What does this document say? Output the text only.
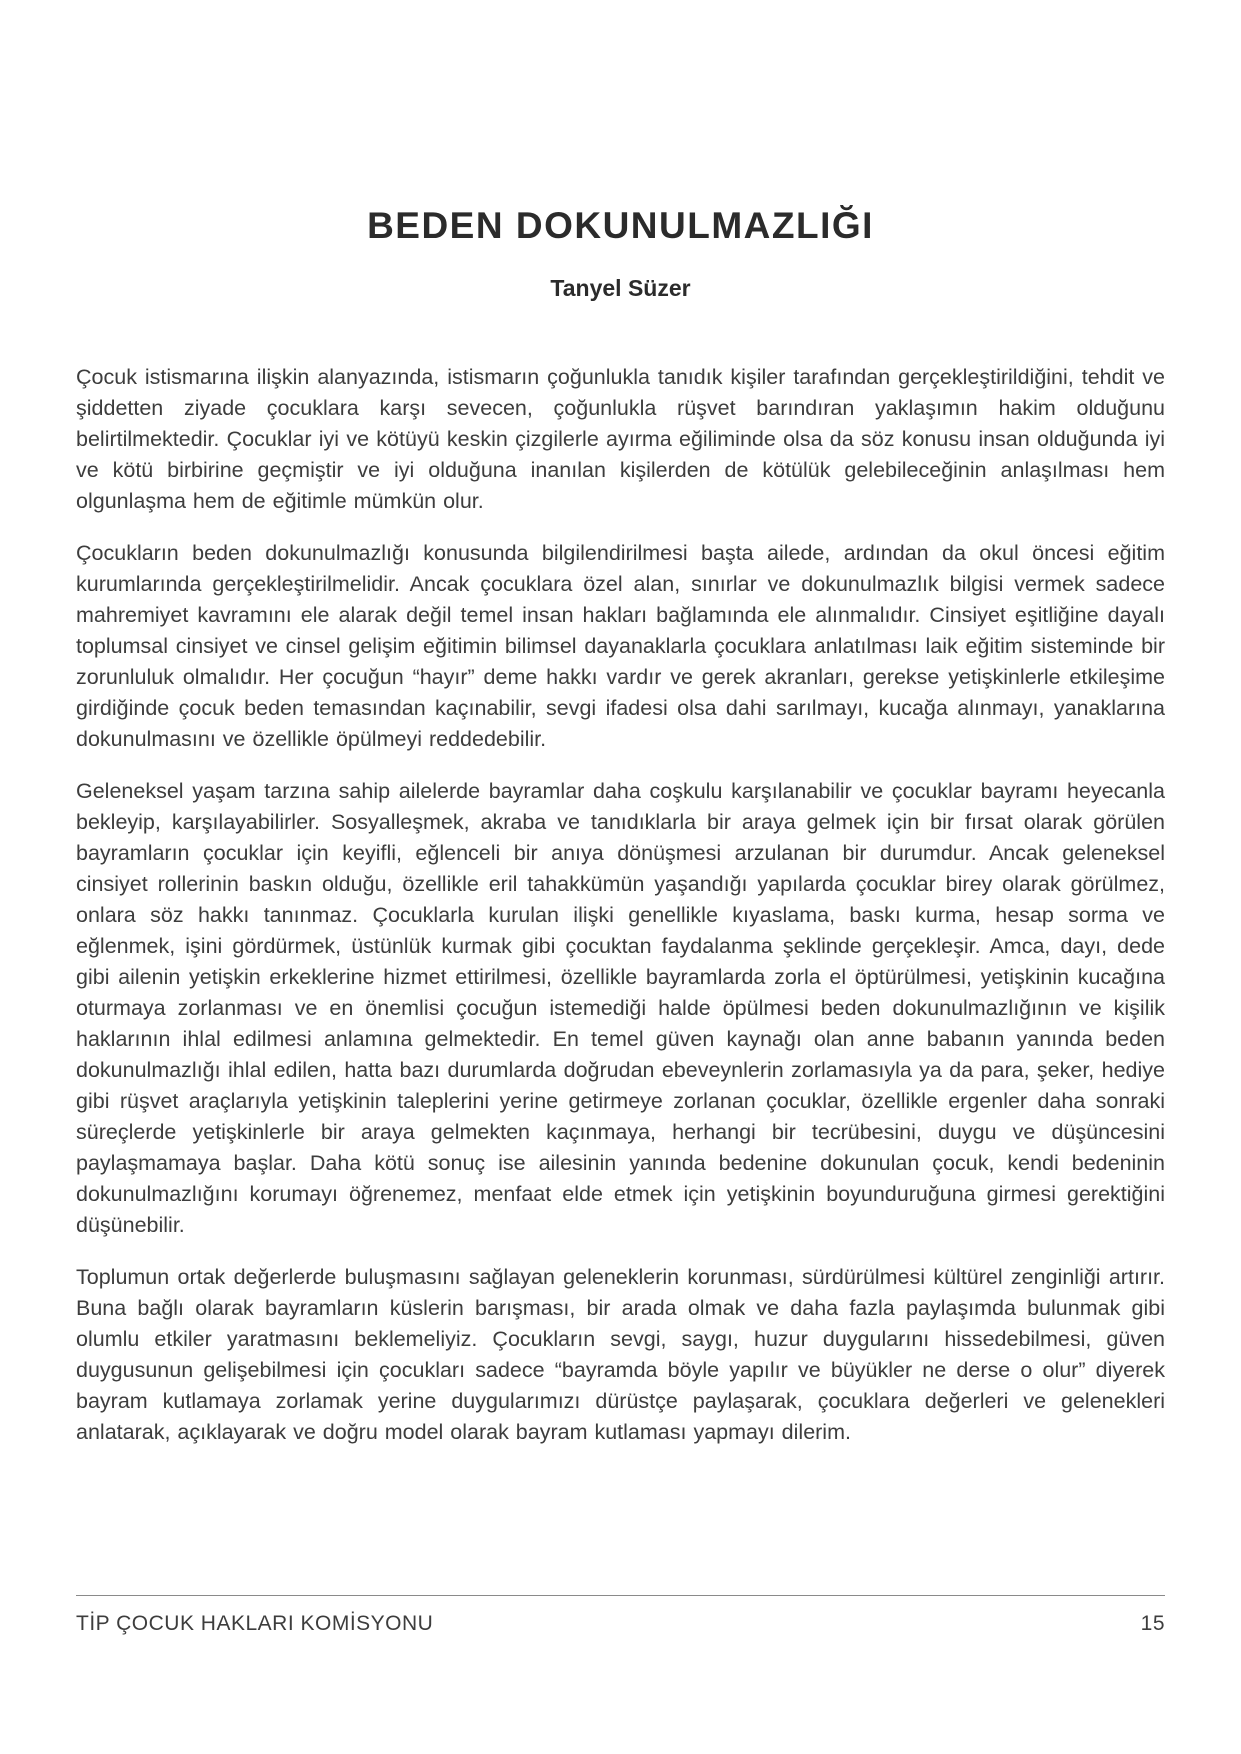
BEDEN DOKUNULMAZLIĞI
Tanyel Süzer

Çocuk istismarına ilişkin alanyazında, istismarın çoğunlukla tanıdık kişiler tarafından gerçekleştirildiğini, tehdit ve şiddetten ziyade çocuklara karşı sevecen, çoğunlukla rüşvet barındıran yaklaşımın hakim olduğunu belirtilmektedir. Çocuklar iyi ve kötüyü keskin çizgilerle ayırma eğiliminde olsa da söz konusu insan olduğunda iyi ve kötü birbirine geçmiştir ve iyi olduğuna inanılan kişilerden de kötülük gelebileceğinin anlaşılması hem olgunlaşma hem de eğitimle mümkün olur.

Çocukların beden dokunulmazlığı konusunda bilgilendirilmesi başta ailede, ardından da okul öncesi eğitim kurumlarında gerçekleştirilmelidir. Ancak çocuklara özel alan, sınırlar ve dokunulmazlık bilgisi vermek sadece mahremiyet kavramını ele alarak değil temel insan hakları bağlamında ele alınmalıdır. Cinsiyet eşitliğine dayalı toplumsal cinsiyet ve cinsel gelişim eğitimin bilimsel dayanaklarla çocuklara anlatılması laik eğitim sisteminde bir zorunluluk olmalıdır. Her çocuğun “hayır” deme hakkı vardır ve gerek akranları, gerekse yetişkinlerle etkileşime girdiğinde çocuk beden temasından kaçınabilir, sevgi ifadesi olsa dahi sarılmayı, kucağa alınmayı, yanaklarına dokunulmasını ve özellikle öpülmeyi reddedebilir.

Geleneksel yaşam tarzına sahip ailelerde bayramlar daha coşkulu karşılanabilir ve çocuklar bayramı heyecanla bekleyip, karşılayabilirler. Sosyalleşmek, akraba ve tanıdıklarla bir araya gelmek için bir fırsat olarak görülen bayramların çocuklar için keyifli, eğlenceli bir anıya dönüşmesi arzulanan bir durumdur. Ancak geleneksel cinsiyet rollerinin baskın olduğu, özellikle eril tahakkümün yaşandığı yapılarda çocuklar birey olarak görülmez, onlara söz hakkı tanınmaz. Çocuklarla kurulan ilişki genellikle kıyaslama, baskı kurma, hesap sorma ve eğlenmek, işini gördürmek, üstünlük kurmak gibi çocuktan faydalanma şeklinde gerçekleşir. Amca, dayı, dede gibi ailenin yetişkin erkeklerine hizmet ettirilmesi, özellikle bayramlarda zorla el öptürülmesi, yetişkinin kucağına oturmaya zorlanması ve en önemlisi çocuğun istemediği halde öpülmesi beden dokunulmazlığının ve kişilik haklarının ihlal edilmesi anlamına gelmektedir. En temel güven kaynağı olan anne babanın yanında beden dokunulmazlığı ihlal edilen, hatta bazı durumlarda doğrudan ebeveynlerin zorlamasıyla ya da para, şeker, hediye gibi rüşvet araçlarıyla yetişkinin taleplerini yerine getirmeye zorlanan çocuklar, özellikle ergenler daha sonraki süreçlerde yetişkinlerle bir araya gelmekten kaçınmaya, herhangi bir tecrübesini, duygu ve düşüncesini paylaşmamaya başlar. Daha kötü sonuç ise ailesinin yanında bedenine dokunulan çocuk, kendi bedeninin dokunulmazlığını korumayı öğrenemez, menfaat elde etmek için yetişkinin boyunduruğuna girmesi gerektiğini düşünebilir.

Toplumun ortak değerlerde buluşmasını sağlayan geleneklerin korunması, sürdürülmesi kültürel zenginliği artırır. Buna bağlı olarak bayramların küslerin barışması, bir arada olmak ve daha fazla paylaşımda bulunmak gibi olumlu etkiler yaratmasını beklemeliyiz. Çocukların sevgi, saygı, huzur duygularını hissedebilmesi, güven duygusunun gelişebilmesi için çocukları sadece “bayramda böyle yapılır ve büyükler ne derse o olur” diyerek bayram kutlamaya zorlamak yerine duygularımızı dürüstçe paylaşarak, çocuklara değerleri ve gelenekleri anlatarak, açıklayarak ve doğru model olarak bayram kutlaması yapmayı dilerim.

TİP ÇOCUK HAKLARI KOMİSYONU	15
